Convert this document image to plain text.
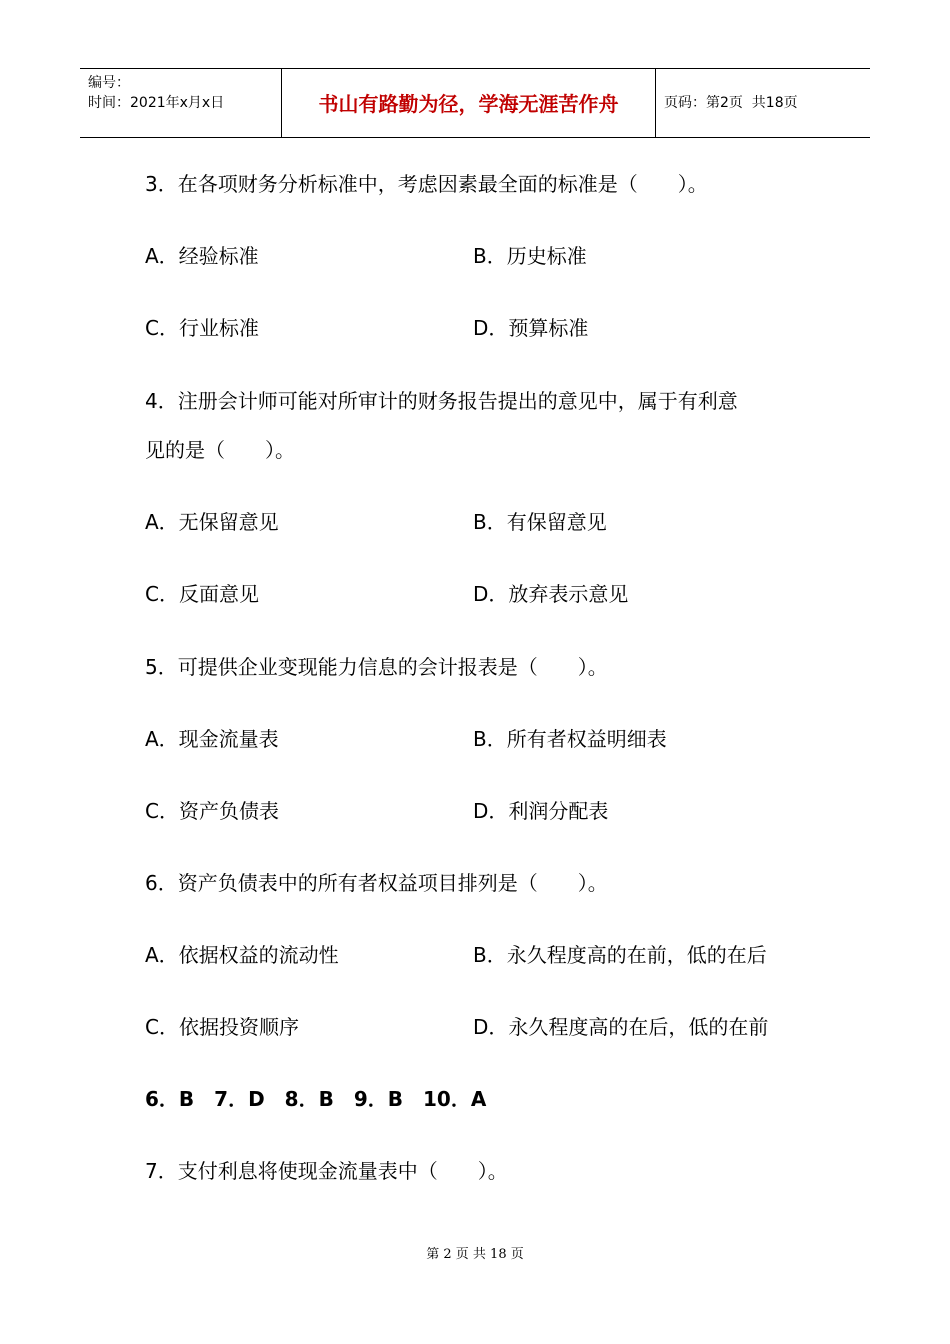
编号：
时间：2021年x月x日	书山有路勤为径，学海无涯苦作舟	页码：第2页  共18页
3．在各项财务分析标准中，考虑因素最全面的标准是（　　）。
A．经验标准	B．历史标准
C．行业标准	D．预算标准
4．注册会计师可能对所审计的财务报告提出的意见中，属于有利意
见的是（　　）。
A．无保留意见	B．有保留意见
C．反面意见	D．放弃表示意见
5．可提供企业变现能力信息的会计报表是（　　）。
A．现金流量表	B．所有者权益明细表
C．资产负债表	D．利润分配表
6．资产负债表中的所有者权益项目排列是（　　）。
A．依据权益的流动性	B．永久程度高的在前，低的在后
C．依据投资顺序	D．永久程度高的在后，低的在前
6．B　7．D　8．B　9．B　10．A
7．支付利息将使现金流量表中（　　）。
第 2 页 共 18 页
